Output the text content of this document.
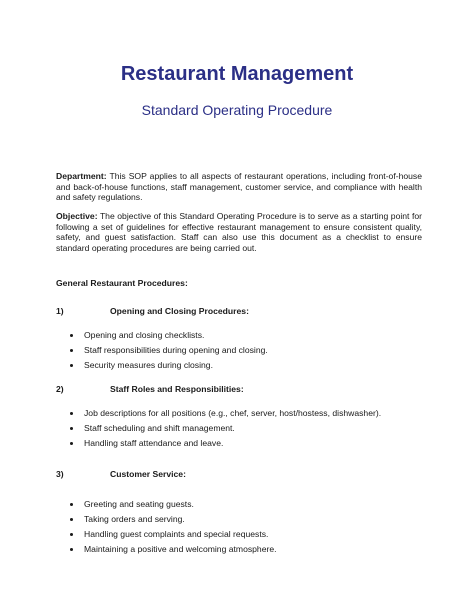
Restaurant Management
Standard Operating Procedure

Department: This SOP applies to all aspects of restaurant operations, including front-of-house and back-of-house functions, staff management, customer service, and compliance with health and safety regulations.

Objective: The objective of this Standard Operating Procedure is to serve as a starting point for following a set of guidelines for effective restaurant management to ensure consistent quality, safety, and guest satisfaction. Staff can also use this document as a checklist to ensure standard operating procedures are being carried out.

General Restaurant Procedures:
1)	Opening and Closing Procedures:
Opening and closing checklists.
Staff responsibilities during opening and closing.
Security measures during closing.
2)	Staff Roles and Responsibilities:
Job descriptions for all positions (e.g., chef, server, host/hostess, dishwasher).
Staff scheduling and shift management.
Handling staff attendance and leave.
3)	Customer Service:
Greeting and seating guests.
Taking orders and serving.
Handling guest complaints and special requests.
Maintaining a positive and welcoming atmosphere.
